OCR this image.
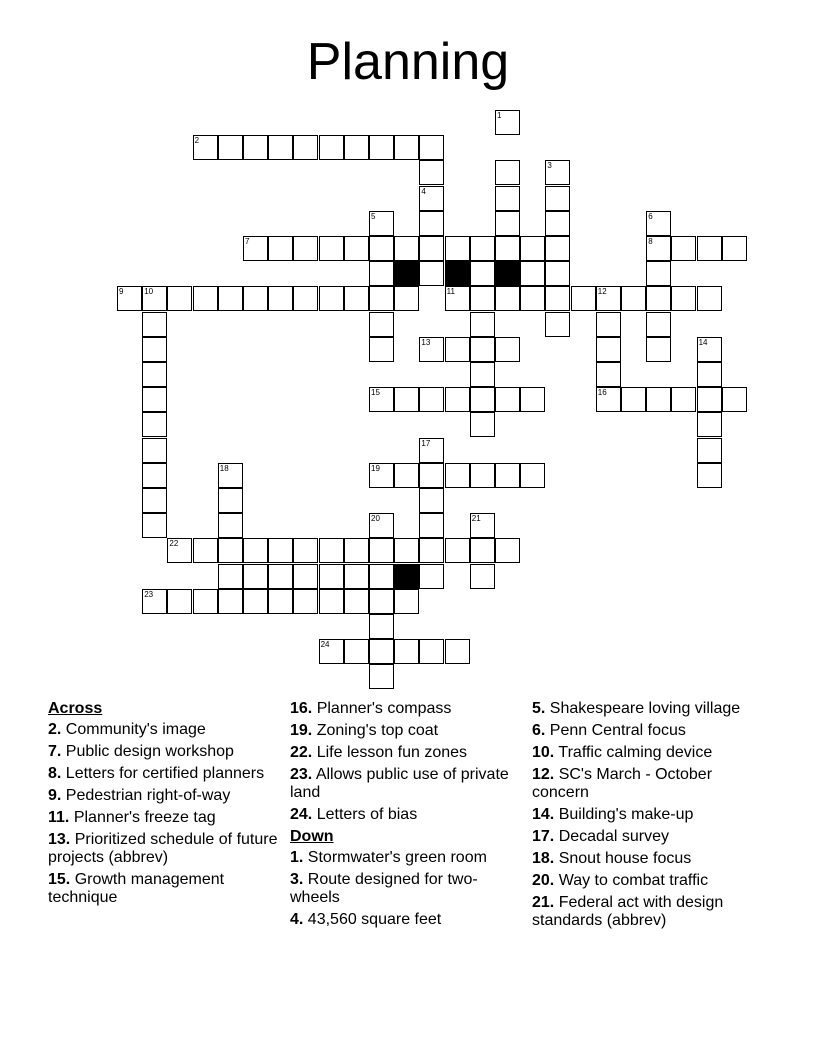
Planning
1
2
3
4
5	6
7	8
9	10	11	12
13	14
15	16
17
18	19
20	21
22
23
24
Across
2. Community's image
7. Public design workshop
8. Letters for certified planners
9. Pedestrian right-of-way
11. Planner's freeze tag
13. Prioritized schedule of future projects (abbrev)
15. Growth management technique
16. Planner's compass
19. Zoning's top coat
22. Life lesson fun zones
23. Allows public use of private land
24. Letters of bias
Down
1. Stormwater's green room
3. Route designed for two-wheels
4. 43,560 square feet
5. Shakespeare loving village
6. Penn Central focus
10. Traffic calming device
12. SC's March - October concern
14. Building's make-up
17. Decadal survey
18. Snout house focus
20. Way to combat traffic
21. Federal act with design standards (abbrev)
